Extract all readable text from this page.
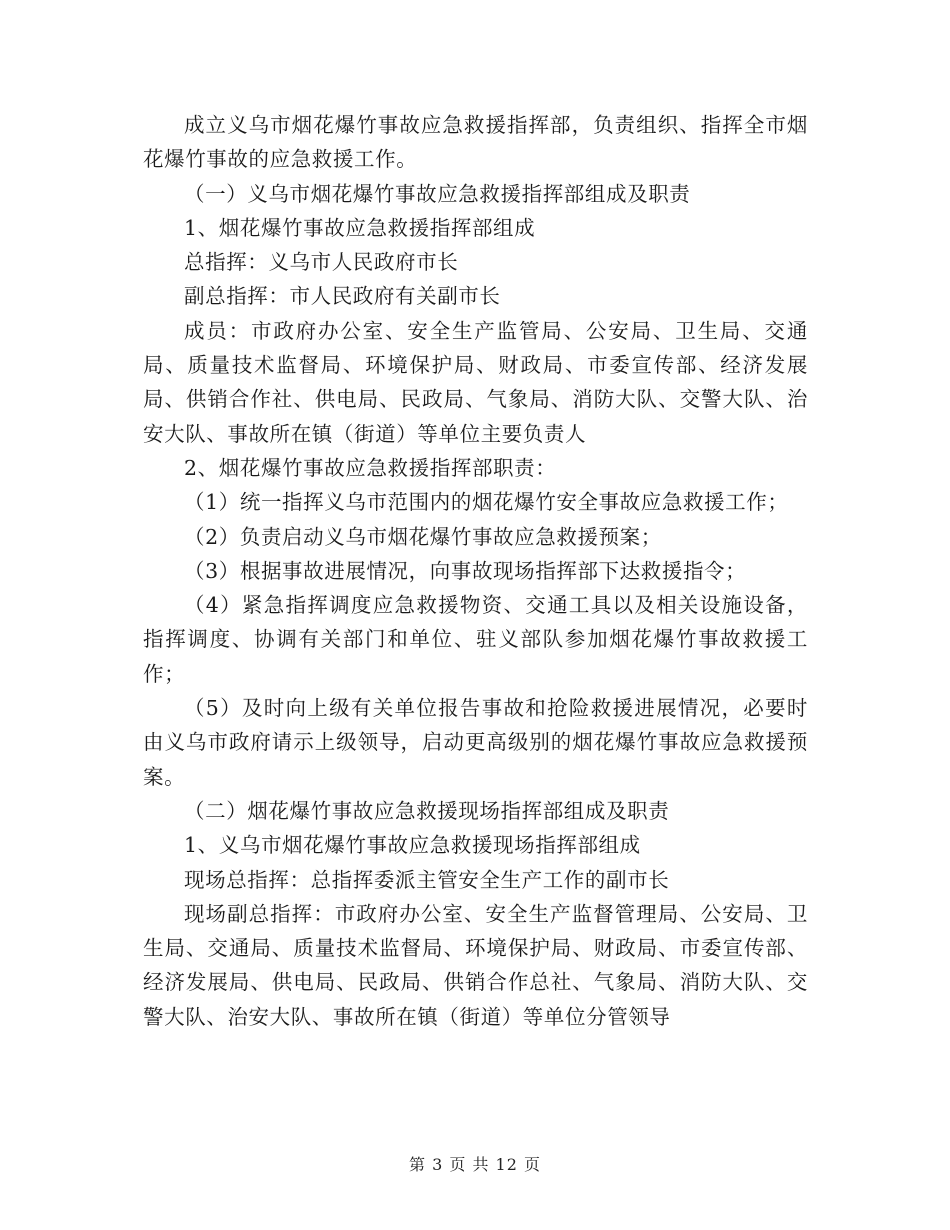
成立义乌市烟花爆竹事故应急救援指挥部，负责组织、指挥全市烟花爆竹事故的应急救援工作。

（一）义乌市烟花爆竹事故应急救援指挥部组成及职责

1、烟花爆竹事故应急救援指挥部组成

总指挥：义乌市人民政府市长

副总指挥：市人民政府有关副市长

成员：市政府办公室、安全生产监管局、公安局、卫生局、交通局、质量技术监督局、环境保护局、财政局、市委宣传部、经济发展局、供销合作社、供电局、民政局、气象局、消防大队、交警大队、治安大队、事故所在镇（街道）等单位主要负责人

2、烟花爆竹事故应急救援指挥部职责：

（1）统一指挥义乌市范围内的烟花爆竹安全事故应急救援工作；

（2）负责启动义乌市烟花爆竹事故应急救援预案；

（3）根据事故进展情况，向事故现场指挥部下达救援指令；

（4）紧急指挥调度应急救援物资、交通工具以及相关设施设备，指挥调度、协调有关部门和单位、驻义部队参加烟花爆竹事故救援工作；

（5）及时向上级有关单位报告事故和抢险救援进展情况，必要时由义乌市政府请示上级领导，启动更高级别的烟花爆竹事故应急救援预案。

（二）烟花爆竹事故应急救援现场指挥部组成及职责

1、义乌市烟花爆竹事故应急救援现场指挥部组成

现场总指挥：总指挥委派主管安全生产工作的副市长

现场副总指挥：市政府办公室、安全生产监督管理局、公安局、卫生局、交通局、质量技术监督局、环境保护局、财政局、市委宣传部、经济发展局、供电局、民政局、供销合作总社、气象局、消防大队、交警大队、治安大队、事故所在镇（街道）等单位分管领导

第 3 页 共 12 页
